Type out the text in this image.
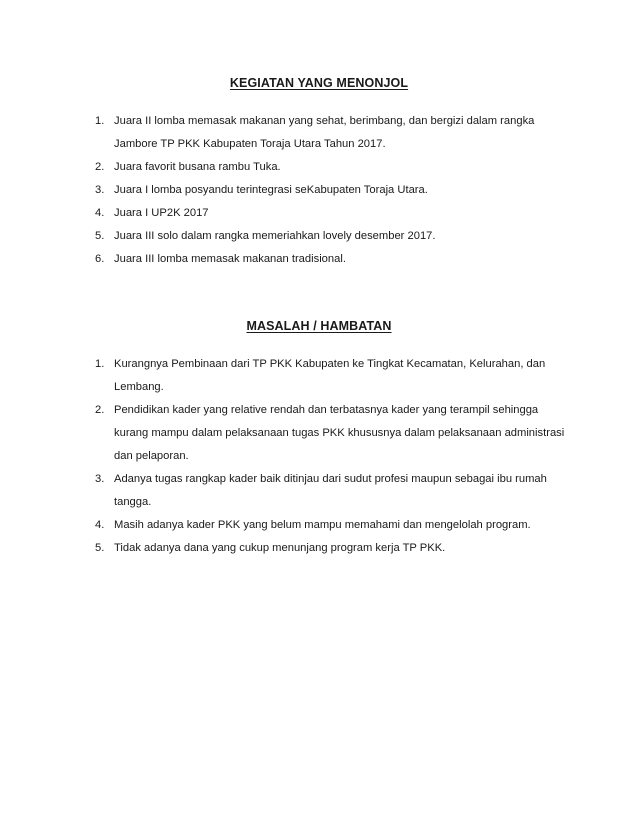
KEGIATAN YANG MENONJOL
1. Juara II lomba memasak makanan yang sehat, berimbang, dan bergizi dalam rangka Jambore TP PKK Kabupaten Toraja Utara Tahun 2017.
2. Juara favorit busana rambu Tuka.
3. Juara I lomba posyandu terintegrasi seKabupaten Toraja Utara.
4. Juara I UP2K 2017
5. Juara III solo dalam rangka memeriahkan lovely desember 2017.
6. Juara III lomba memasak makanan tradisional.
MASALAH / HAMBATAN
1. Kurangnya Pembinaan dari TP PKK Kabupaten ke Tingkat Kecamatan, Kelurahan, dan Lembang.
2. Pendidikan kader yang relative rendah dan terbatasnya kader yang terampil sehingga kurang mampu dalam pelaksanaan tugas PKK khususnya dalam pelaksanaan administrasi dan pelaporan.
3. Adanya tugas rangkap kader baik ditinjau dari sudut profesi maupun sebagai ibu rumah tangga.
4. Masih adanya kader PKK yang belum mampu memahami dan mengelolah program.
5. Tidak adanya dana yang cukup menunjang program kerja TP PKK.
